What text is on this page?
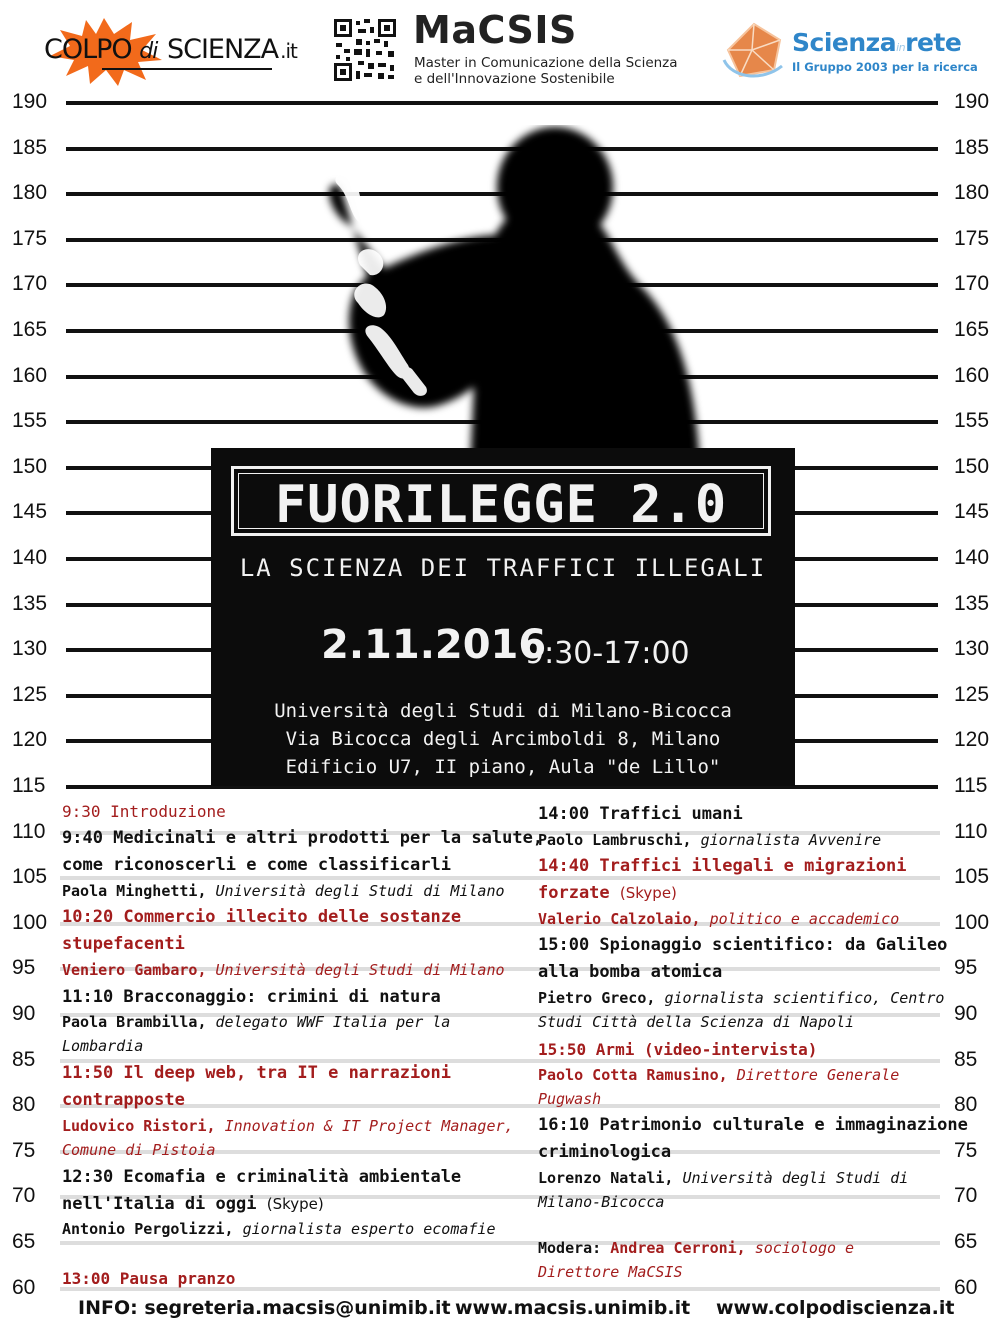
COLPO di SCIENZA .it	MaCSIS
Master in Comunicazione della Scienza
e dell'Innovazione Sostenibile
Scienzainrete
Il Gruppo 2003 per la ricerca
190	190
185	185
180	180
175	175
170	170
165	165
160	160
155	155
150	150
145	145
140	140
135	135
130	130
125	125
120	120
115	115
110	110
105	105
100	100
95	95
90	90
85	85
80	80
75	75
70	70
65	65
60	60
FUORILEGGE 2.0
LA SCIENZA DEI TRAFFICI ILLEGALI
2.11.2016
9:30-17:00
Università degli Studi di Milano-Bicocca
Via Bicocca degli Arcimboldi 8, Milano
Edificio U7, II piano, Aula "de Lillo"
9:30 Introduzione
9:40 Medicinali e altri prodotti per la salute,
come riconoscerli e come classificarli
Paola Minghetti, Università degli Studi di Milano
10:20 Commercio illecito delle sostanze
stupefacenti
Veniero Gambaro, Università degli Studi di Milano
11:10 Bracconaggio: crimini di natura
Paola Brambilla, delegato WWF Italia per la
Lombardia
11:50 Il deep web, tra IT e narrazioni
contrapposte
Ludovico Ristori, Innovation & IT Project Manager,
Comune di Pistoia
12:30 Ecomafia e criminalità ambientale
nell'Italia di oggi (Skype)
Antonio Pergolizzi, giornalista esperto ecomafie
13:00 Pausa pranzo
14:00 Traffici umani
Paolo Lambruschi, giornalista Avvenire
14:40 Traffici illegali e migrazioni
forzate (Skype)
Valerio Calzolaio, politico e accademico
15:00 Spionaggio scientifico: da Galileo
alla bomba atomica
Pietro Greco, giornalista scientifico, Centro
Studi Città della Scienza di Napoli
15:50 Armi (video-intervista)
Paolo Cotta Ramusino, Direttore Generale
Pugwash
16:10 Patrimonio culturale e immaginazione
criminologica
Lorenzo Natali, Università degli Studi di
Milano-Bicocca
Modera: Andrea Cerroni, sociologo e
Direttore MaCSIS
INFO: segreteria.macsis@unimib.it www.macsis.unimib.it www.colpodiscienza.it
